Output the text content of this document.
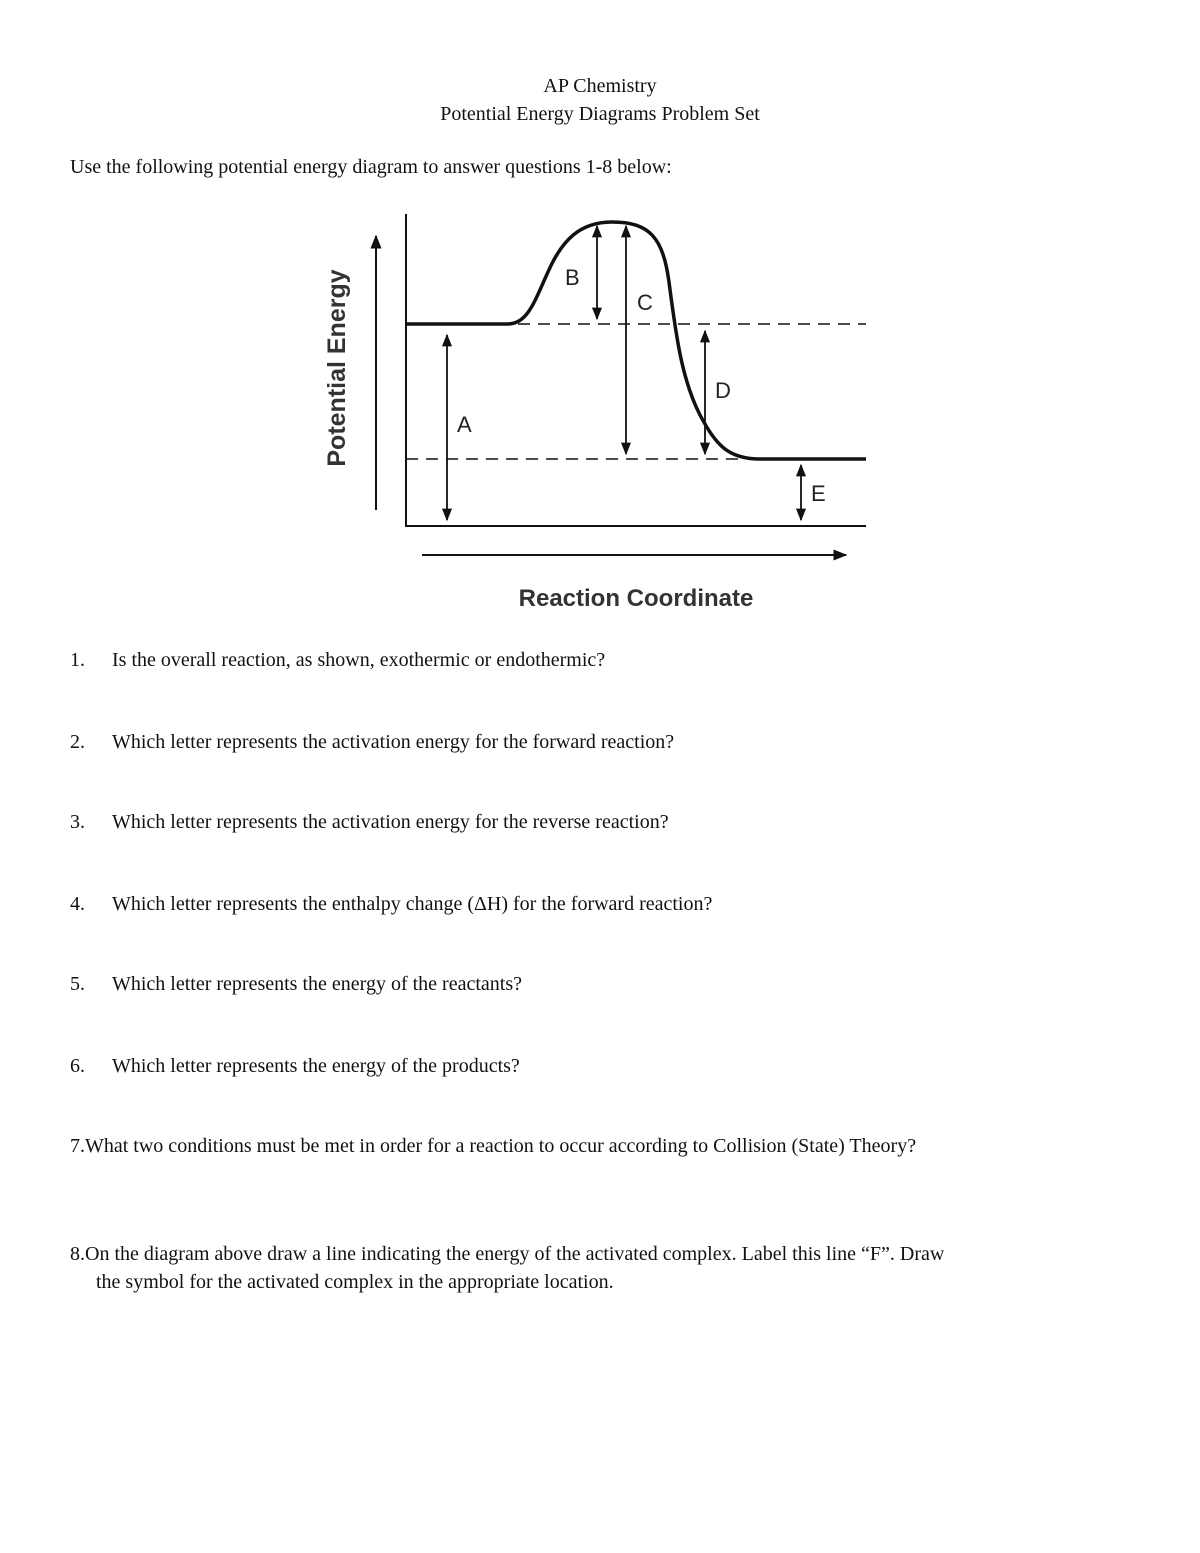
AP Chemistry
Potential Energy Diagrams Problem Set
Use the following potential energy diagram to answer questions 1-8 below:
A
B
C
D
E
Potential Energy
Reaction Coordinate
1. Is the overall reaction, as shown, exothermic or endothermic?
2. Which letter represents the activation energy for the forward reaction?
3. Which letter represents the activation energy for the reverse reaction?
4. Which letter represents the enthalpy change (ΔH) for the forward reaction?
5. Which letter represents the energy of the reactants?
6. Which letter represents the energy of the products?
7.What two conditions must be met in order for a reaction to occur according to Collision (State) Theory?
8.On the diagram above draw a line indicating the energy of the activated complex. Label this line “F”. Draw
the symbol for the activated complex in the appropriate location.
